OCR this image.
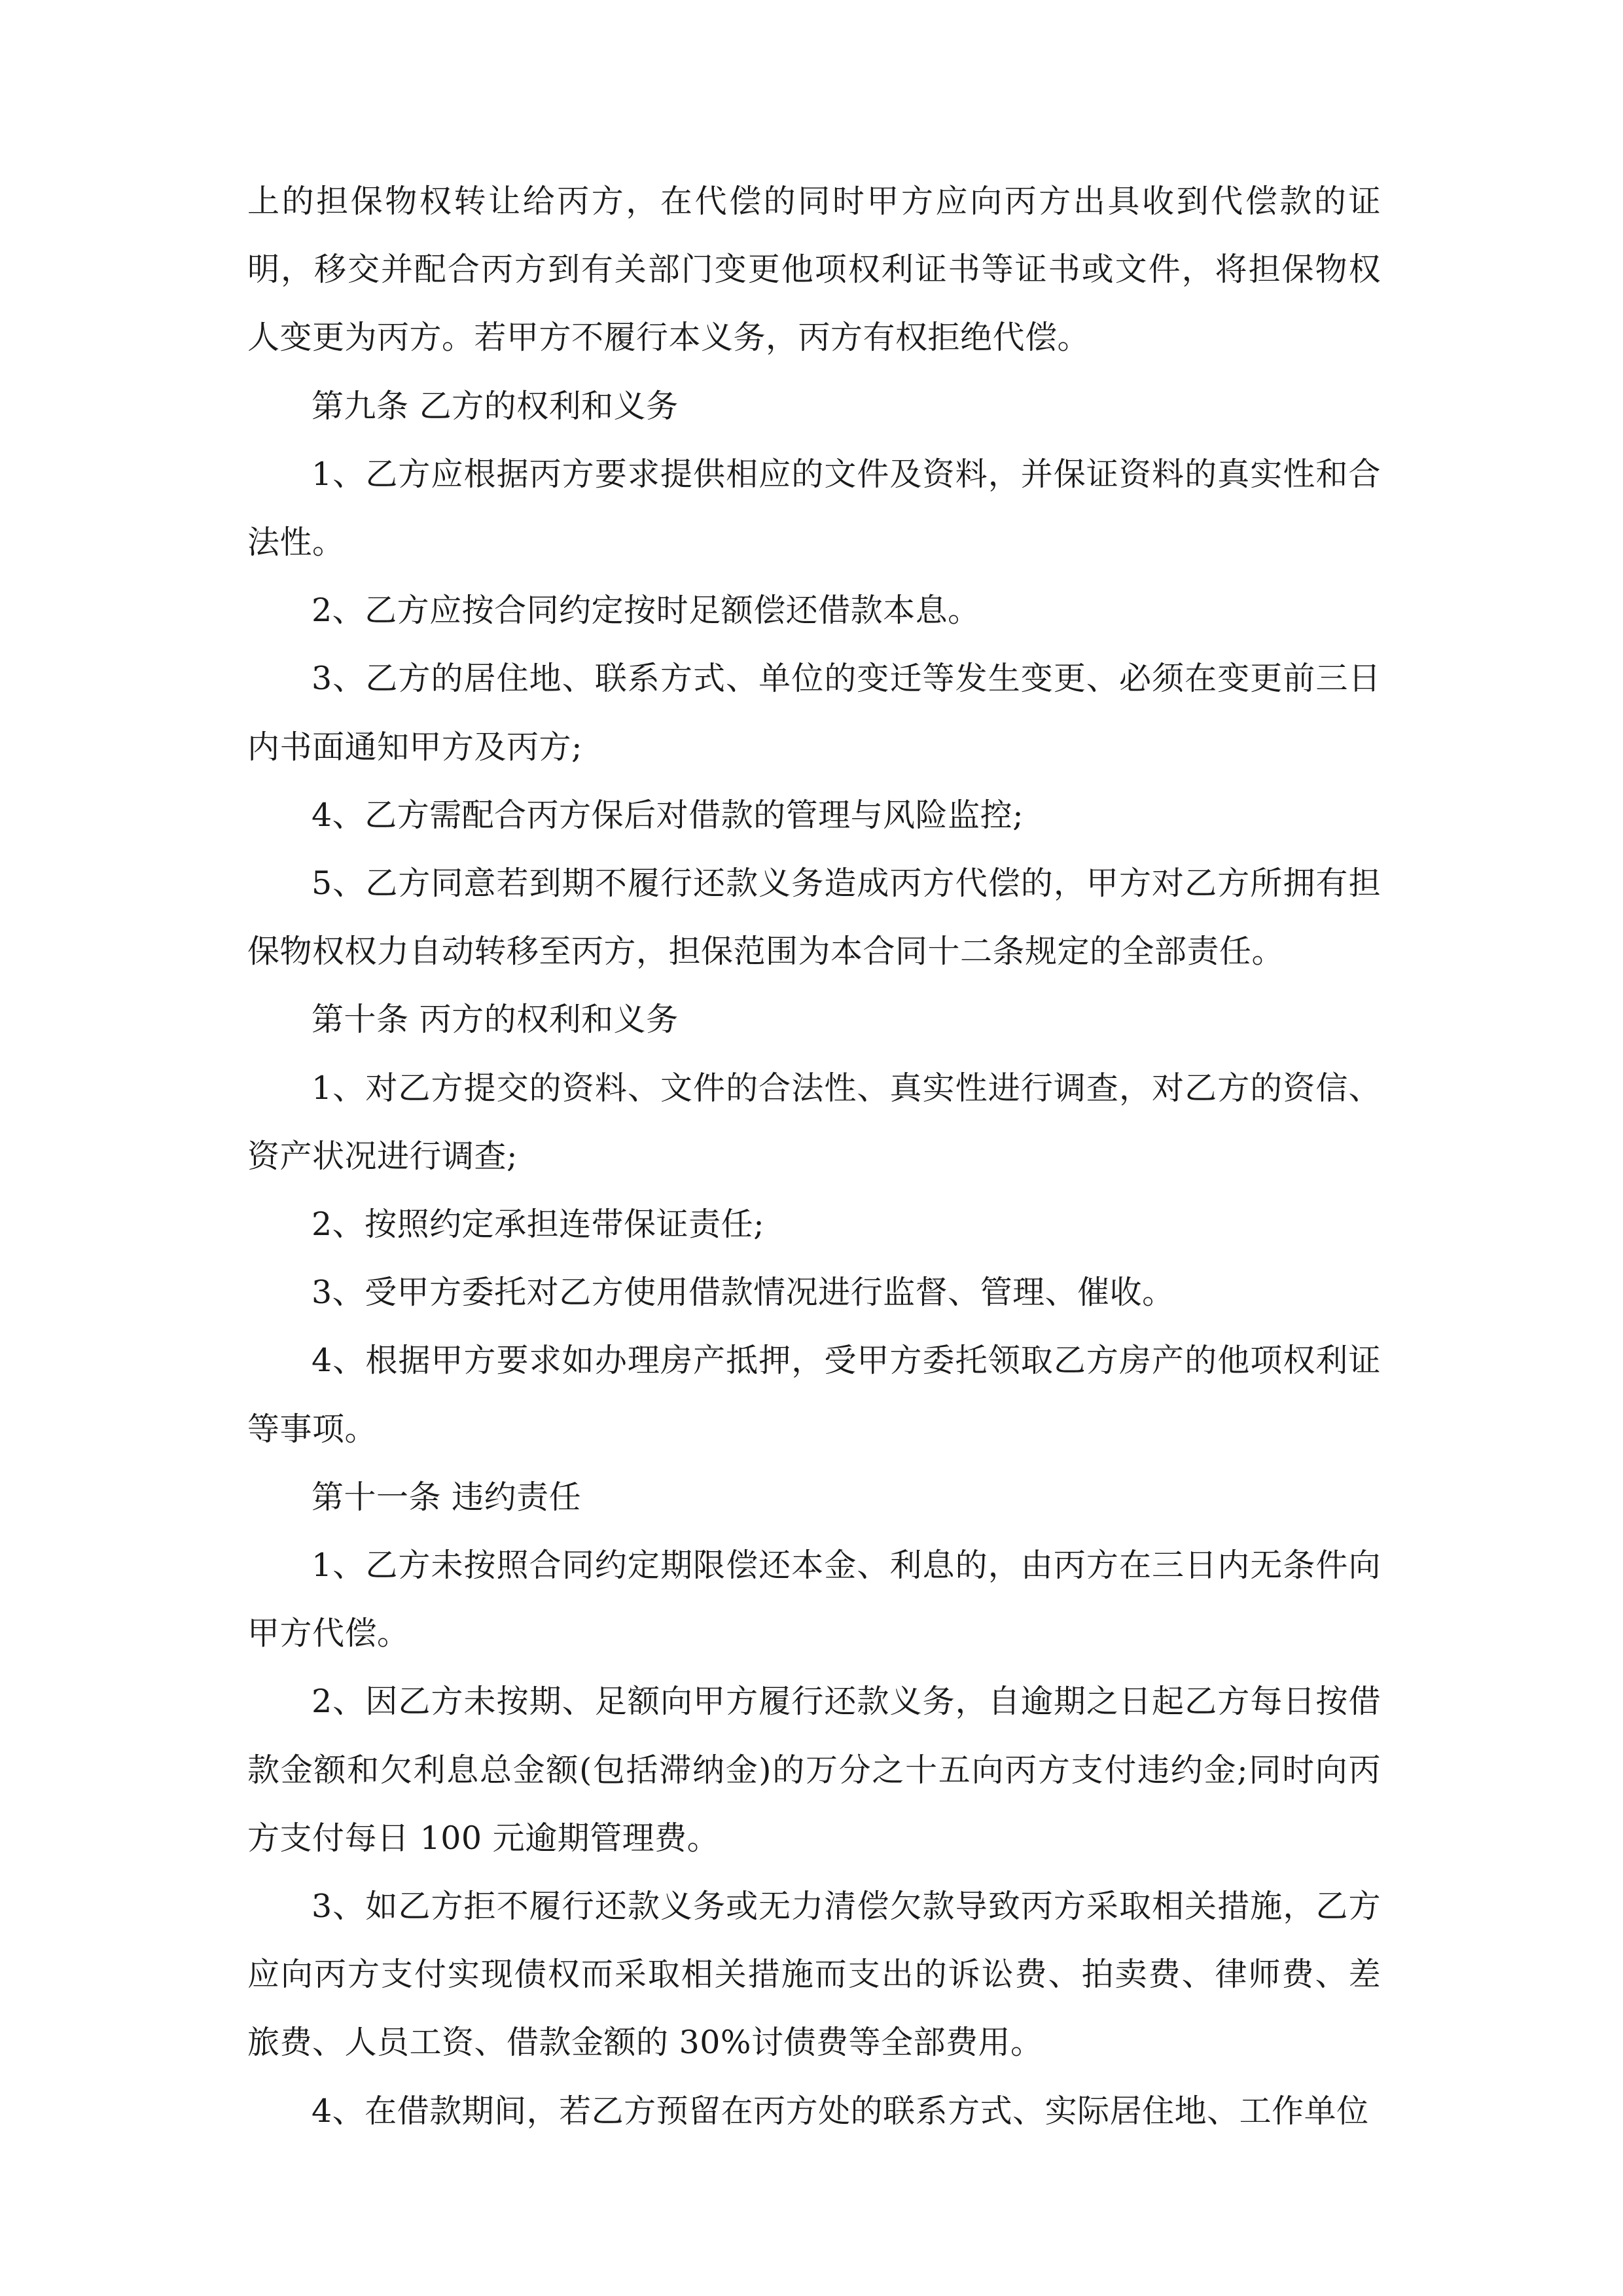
上的担保物权转让给丙方，在代偿的同时甲方应向丙方出具收到代偿款的证明，移交并配合丙方到有关部门变更他项权利证书等证书或文件，将担保物权人变更为丙方。若甲方不履行本义务，丙方有权拒绝代偿。

第九条 乙方的权利和义务

1、乙方应根据丙方要求提供相应的文件及资料，并保证资料的真实性和合法性。

2、乙方应按合同约定按时足额偿还借款本息。

3、乙方的居住地、联系方式、单位的变迁等发生变更、必须在变更前三日内书面通知甲方及丙方;

4、乙方需配合丙方保后对借款的管理与风险监控;

5、乙方同意若到期不履行还款义务造成丙方代偿的，甲方对乙方所拥有担保物权权力自动转移至丙方，担保范围为本合同十二条规定的全部责任。

第十条 丙方的权利和义务

1、对乙方提交的资料、文件的合法性、真实性进行调查，对乙方的资信、资产状况进行调查;

2、按照约定承担连带保证责任;

3、受甲方委托对乙方使用借款情况进行监督、管理、催收。

4、根据甲方要求如办理房产抵押，受甲方委托领取乙方房产的他项权利证等事项。

第十一条 违约责任

1、乙方未按照合同约定期限偿还本金、利息的，由丙方在三日内无条件向甲方代偿。

2、因乙方未按期、足额向甲方履行还款义务，自逾期之日起乙方每日按借款金额和欠利息总金额(包括滞纳金)的万分之十五向丙方支付违约金;同时向丙方支付每日 100 元逾期管理费。

3、如乙方拒不履行还款义务或无力清偿欠款导致丙方采取相关措施，乙方应向丙方支付实现债权而采取相关措施而支出的诉讼费、拍卖费、律师费、差旅费、人员工资、借款金额的 30%讨债费等全部费用。

4、在借款期间，若乙方预留在丙方处的联系方式、实际居住地、工作单位
